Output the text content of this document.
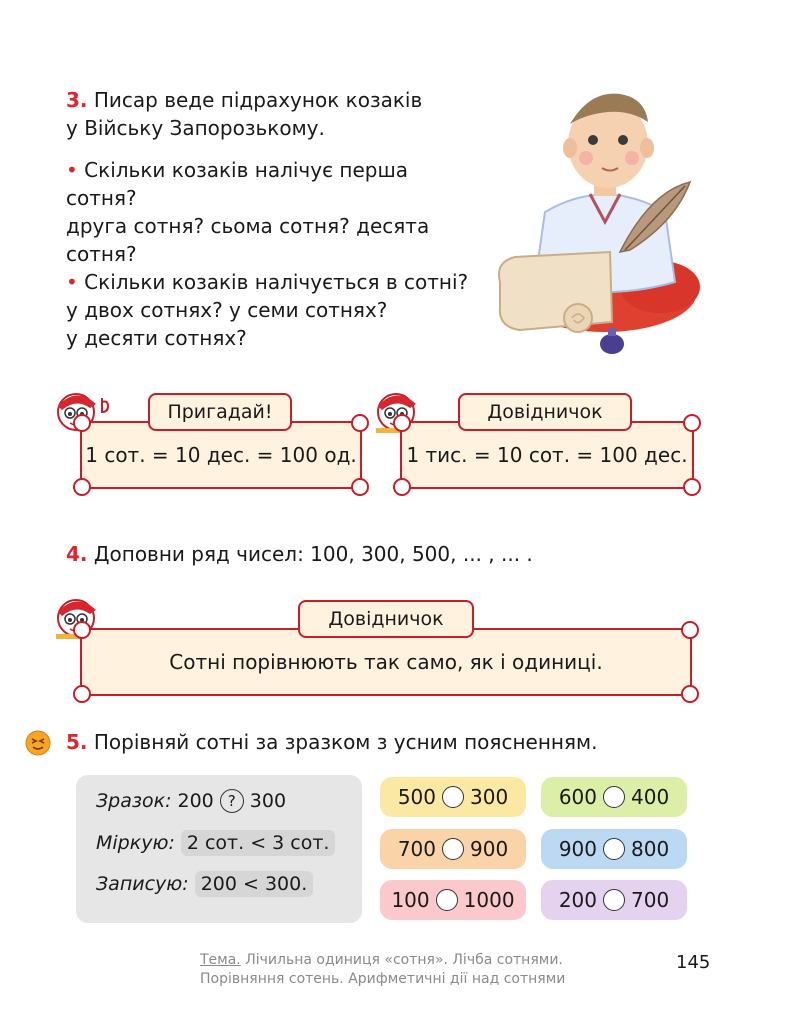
3. Писар веде підрахунок козаків
у Війську Запорозькому.
• Скільки козаків налічує перша
сотня?
друга сотня? сьома сотня? десята
сотня?
• Скільки козаків налічується в сотні?
у двох сотнях? у семи сотнях?
у десяти сотнях?
1 сот. = 10 дес. = 100 од.
Пригадай!
1 тис. = 10 сот. = 100 дес.
Довідничок
4. Доповни ряд чисел: 100, 300, 500, ... , ... .
Сотні порівнюють так само, як і одиниці.
Довідничок
5. Порівняй сотні за зразком з усним поясненням.
Зразок: 200 ? 300
Міркую: 2 сот. < 3 сот.
Записую: 200 < 300.
500 300	600 400
700 900	900 800
100 1000 200 700
Тема. Лічильна одиниця «сотня». Лічба сотнями.
Порівняння сотень. Арифметичні дії над сотнями
145
